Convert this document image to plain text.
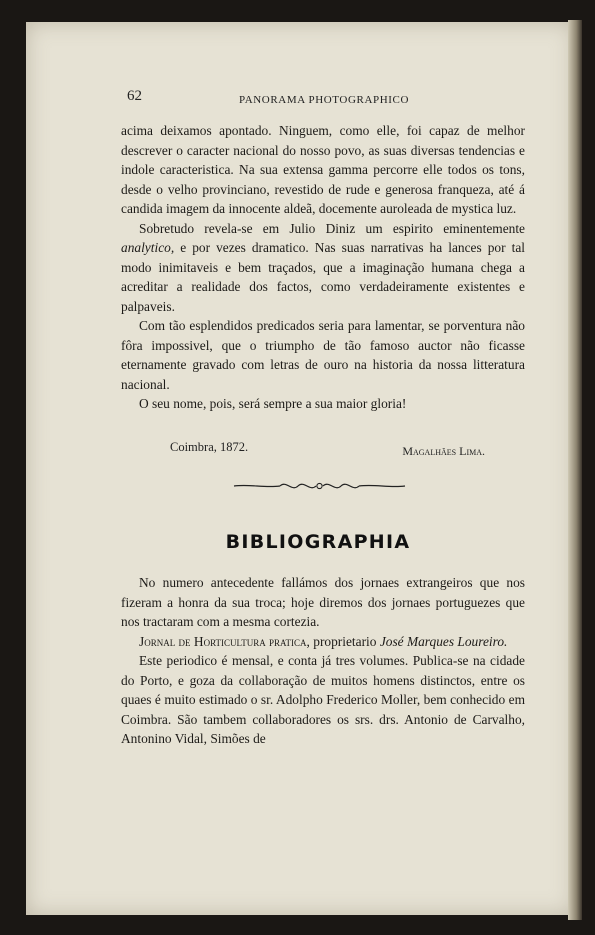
62	PANORAMA PHOTOGRAPHICO

acima deixamos apontado. Ninguem, como elle, foi capaz de melhor descrever o caracter nacional do nosso povo, as suas diversas tendencias e indole caracteristica. Na sua extensa gamma percorre elle todos os tons, desde o velho provinciano, revestido de rude e generosa franqueza, até á candida imagem da innocente aldeã, docemente auroleada de mystica luz.

Sobretudo revela-se em Julio Diniz um espirito eminentemente analytico, e por vezes dramatico. Nas suas narrativas ha lances por tal modo inimitaveis e bem traçados, que a imaginação humana chega a acreditar a realidade dos factos, como verdadeiramente existentes e palpaveis.

Com tão esplendidos predicados seria para lamentar, se porventura não fôra impossivel, que o triumpho de tão famoso auctor não ficasse eternamente gravado com letras de ouro na historia da nossa litteratura nacional.

O seu nome, pois, será sempre a sua maior gloria!

Coimbra, 1872.	Magalhães Lima.
BIBLIOGRAPHIA

No numero antecedente fallámos dos jornaes extrangeiros que nos fizeram a honra da sua troca; hoje diremos dos jornaes portuguezes que nos tractaram com a mesma cortezia.

Jornal de Horticultura pratica, proprietario José Marques Loureiro.

Este periodico é mensal, e conta já tres volumes. Publica-se na cidade do Porto, e goza da collaboração de muitos homens distinctos, entre os quaes é muito estimado o sr. Adolpho Frederico Moller, bem conhecido em Coimbra. São tambem collaboradores os srs. drs. Antonio de Carvalho, Antonino Vidal, Simões de
